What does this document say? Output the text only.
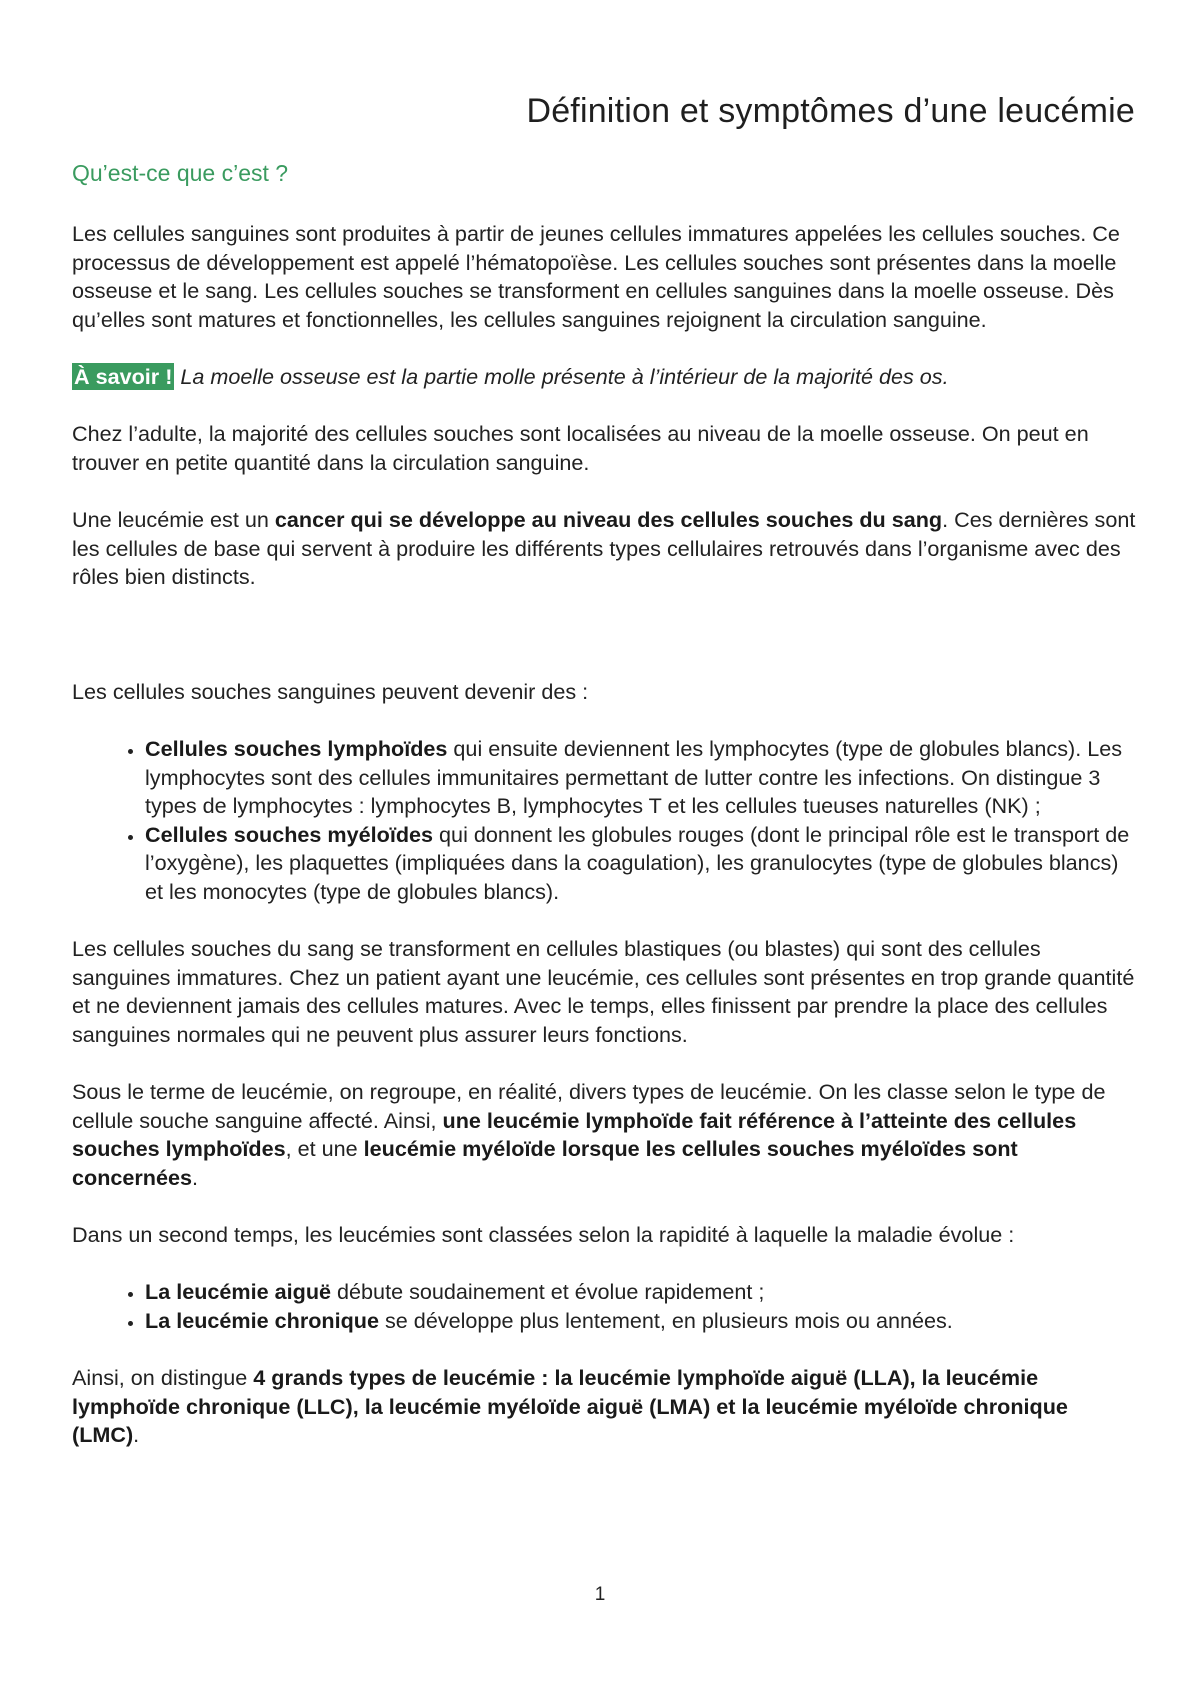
Définition et symptômes d’une leucémie
Qu’est-ce que c’est ?

Les cellules sanguines sont produites à partir de jeunes cellules immatures appelées les cellules souches. Ce processus de développement est appelé l’hématopoïèse. Les cellules souches sont présentes dans la moelle osseuse et le sang. Les cellules souches se transforment en cellules sanguines dans la moelle osseuse. Dès qu’elles sont matures et fonctionnelles, les cellules sanguines rejoignent la circulation sanguine.

À savoir ! La moelle osseuse est la partie molle présente à l’intérieur de la majorité des os.

Chez l’adulte, la majorité des cellules souches sont localisées au niveau de la moelle osseuse. On peut en trouver en petite quantité dans la circulation sanguine.

Une leucémie est un cancer qui se développe au niveau des cellules souches du sang. Ces dernières sont les cellules de base qui servent à produire les différents types cellulaires retrouvés dans l’organisme avec des rôles bien distincts.

Les cellules souches sanguines peuvent devenir des :

• Cellules souches lymphoïdes qui ensuite deviennent les lymphocytes (type de globules blancs). Les lymphocytes sont des cellules immunitaires permettant de lutter contre les infections. On distingue 3 types de lymphocytes : lymphocytes B, lymphocytes T et les cellules tueuses naturelles (NK) ;
• Cellules souches myéloïdes qui donnent les globules rouges (dont le principal rôle est le transport de l’oxygène), les plaquettes (impliquées dans la coagulation), les granulocytes (type de globules blancs) et les monocytes (type de globules blancs).

Les cellules souches du sang se transforment en cellules blastiques (ou blastes) qui sont des cellules sanguines immatures. Chez un patient ayant une leucémie, ces cellules sont présentes en trop grande quantité et ne deviennent jamais des cellules matures. Avec le temps, elles finissent par prendre la place des cellules sanguines normales qui ne peuvent plus assurer leurs fonctions.

Sous le terme de leucémie, on regroupe, en réalité, divers types de leucémie. On les classe selon le type de cellule souche sanguine affecté. Ainsi, une leucémie lymphoïde fait référence à l’atteinte des cellules souches lymphoïdes, et une leucémie myéloïde lorsque les cellules souches myéloïdes sont concernées.

Dans un second temps, les leucémies sont classées selon la rapidité à laquelle la maladie évolue :

• La leucémie aiguë débute soudainement et évolue rapidement ;
• La leucémie chronique se développe plus lentement, en plusieurs mois ou années.

Ainsi, on distingue 4 grands types de leucémie : la leucémie lymphoïde aiguë (LLA), la leucémie lymphoïde chronique (LLC), la leucémie myéloïde aiguë (LMA) et la leucémie myéloïde chronique (LMC).

1
